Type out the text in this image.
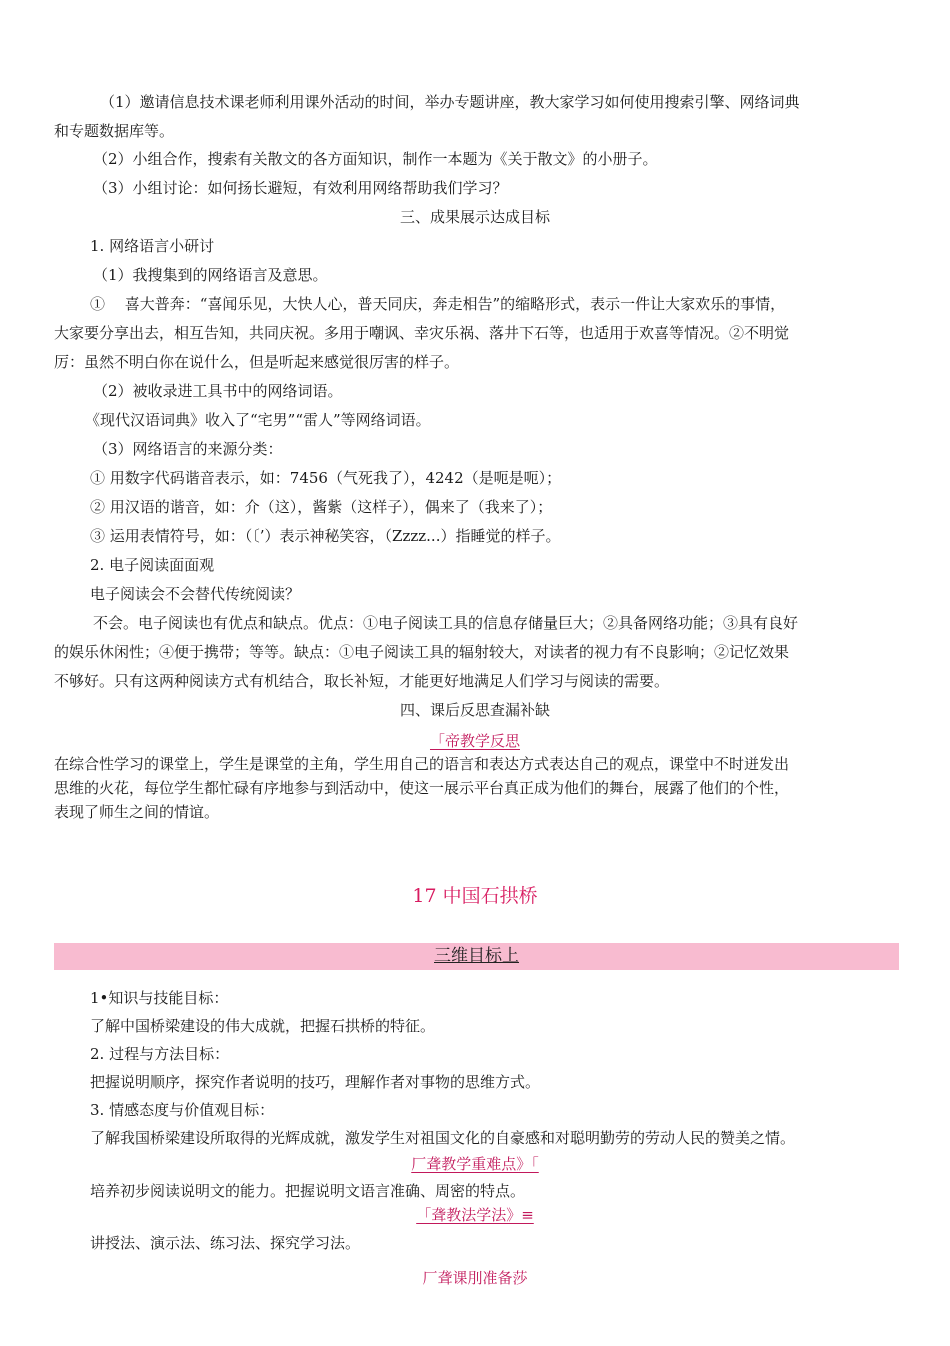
（1）邀请信息技术课老师利用课外活动的时间，举办专题讲座，教大家学习如何使用搜索引擎、网络词典

和专题数据库等。

（2）小组合作，搜索有关散文的各方面知识，制作一本题为《关于散文》的小册子。

（3）小组讨论：如何扬长避短，有效利用网络帮助我们学习？

三、成果展示达成目标

1. 网络语言小研讨

（1）我搜集到的网络语言及意思。

①　 喜大普奔：“喜闻乐见，大快人心，普天同庆，奔走相告”的缩略形式，表示一件让大家欢乐的事情，

大家要分享出去，相互告知，共同庆祝。多用于嘲讽、幸灾乐祸、落井下石等，也适用于欢喜等情况。②不明觉

厉：虽然不明白你在说什么，但是听起来感觉很厉害的样子。

（2）被收录进工具书中的网络词语。

《现代汉语词典》收入了“宅男”“雷人”等网络词语。

（3）网络语言的来源分类：

① 用数字代码谐音表示，如：7456（气死我了），4242（是呃是呃）；

② 用汉语的谐音，如：介（这），酱紫（这样子），偶来了（我来了）；

③ 运用表情符号，如：（〔’）表示神秘笑容，（Zzzz...）指睡觉的样子。

2. 电子阅读面面观

电子阅读会不会替代传统阅读？

不会。电子阅读也有优点和缺点。优点：①电子阅读工具的信息存储量巨大；②具备网络功能；③具有良好

的娱乐休闲性；④便于携带；等等。缺点：①电子阅读工具的辐射较大，对读者的视力有不良影响；②记忆效果

不够好。只有这两种阅读方式有机结合，取长补短，才能更好地满足人们学习与阅读的需要。

四、课后反思查漏补缺

「帝教学反思

在综合性学习的课堂上，学生是课堂的主角，学生用自己的语言和表达方式表达自己的观点，课堂中不时迸发出

思维的火花，每位学生都忙碌有序地参与到活动中，使这一展示平台真正成为他们的舞台，展露了他们的个性，

表现了师生之间的情谊。

17 中国石拱桥

三维目标上

1•知识与技能目标：

了解中国桥梁建设的伟大成就，把握石拱桥的特征。

2. 过程与方法目标：

把握说明顺序，探究作者说明的技巧，理解作者对事物的思维方式。

3. 情感态度与价值观目标：

了解我国桥梁建设所取得的光辉成就，激发学生对祖国文化的自豪感和对聪明勤劳的劳动人民的赞美之情。

厂聋教学重难点》「

培养初步阅读说明文的能力。把握说明文语言准确、周密的特点。

「聋教法学法》≡

讲授法、演示法、练习法、探究学习法。

厂聋课刖准备莎
